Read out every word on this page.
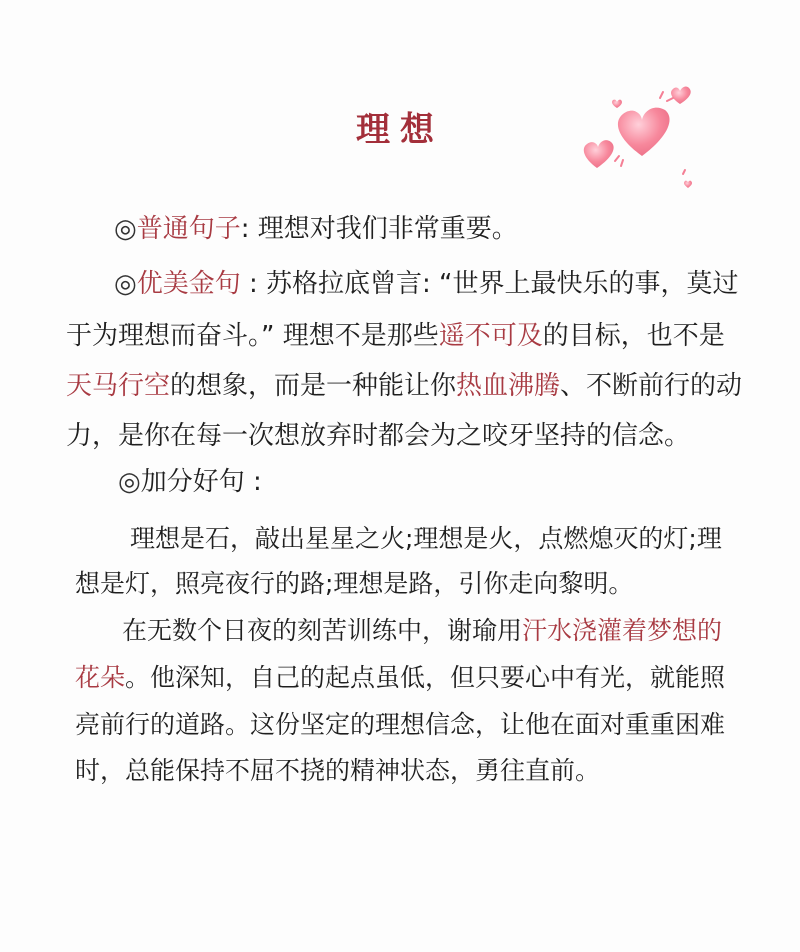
理想
◎普通句子: 理想对我们非常重要。
◎优美金句 : 苏格拉底曾言: “世界上最快乐的事，莫过
于为理想而奋斗。” 理想不是那些遥不可及的目标，也不是
天马行空的想象，而是一种能让你热血沸腾、不断前行的动
力，是你在每一次想放弃时都会为之咬牙坚持的信念。
◎加分好句 :
理想是石，敲出星星之火;理想是火，点燃熄灭的灯;理
想是灯，照亮夜行的路;理想是路，引你走向黎明。
在无数个日夜的刻苦训练中，谢瑜用汗水浇灌着梦想的
花朵。他深知，自己的起点虽低，但只要心中有光，就能照
亮前行的道路。这份坚定的理想信念，让他在面对重重困难
时，总能保持不屈不挠的精神状态，勇往直前。
